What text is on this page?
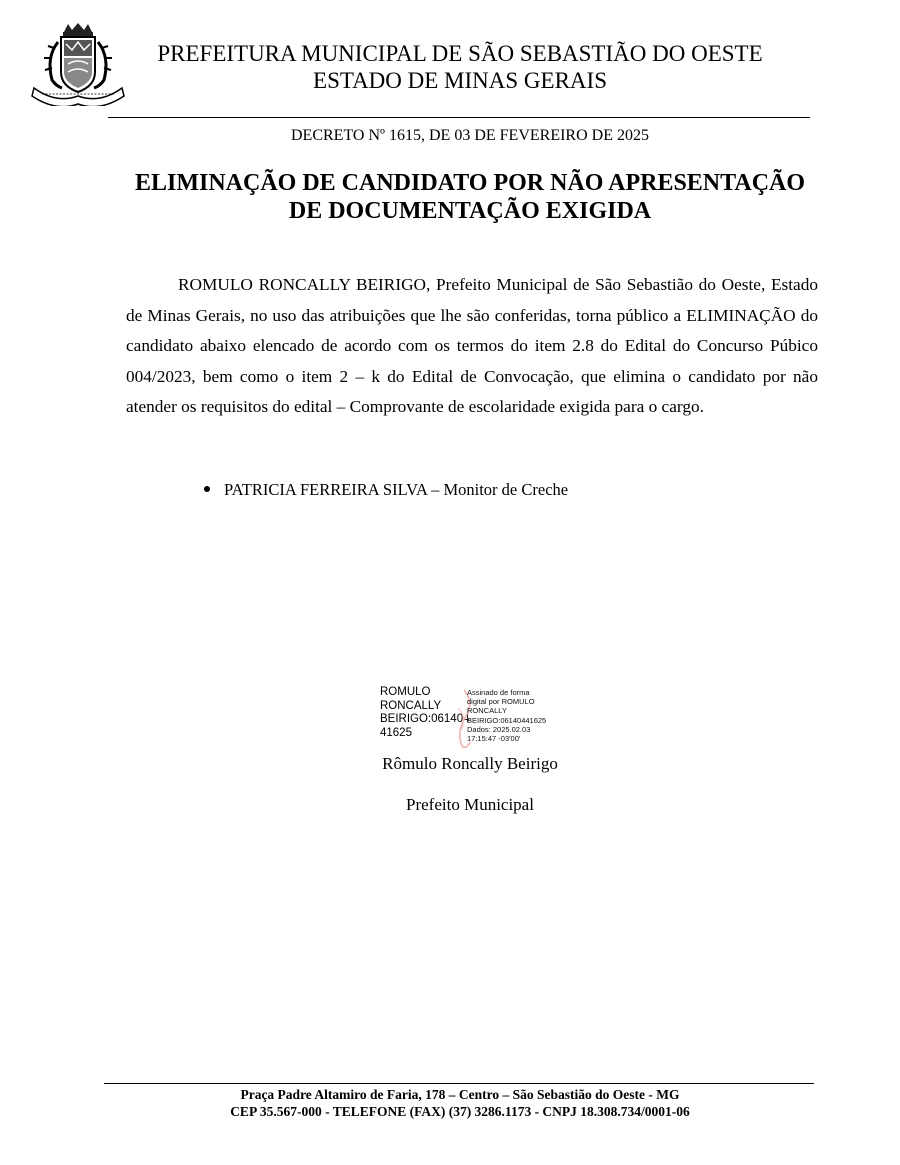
PREFEITURA MUNICIPAL DE SÃO SEBASTIÃO DO OESTE
ESTADO DE MINAS GERAIS
DECRETO Nº 1615, DE 03 DE FEVEREIRO DE 2025
ELIMINAÇÃO DE CANDIDATO POR NÃO APRESENTAÇÃO
DE DOCUMENTAÇÃO EXIGIDA

ROMULO RONCALLY BEIRIGO, Prefeito Municipal de São Sebastião do Oeste, Estado de Minas Gerais, no uso das atribuições que lhe são conferidas, torna público a ELIMINAÇÃO do candidato abaixo elencado de acordo com os termos do item 2.8 do Edital do Concurso Púbico 004/2023, bem como o item 2 – k do Edital de Convocação, que elimina o candidato por não atender os requisitos do edital – Comprovante de escolaridade exigida para o cargo.

PATRICIA FERREIRA SILVA – Monitor de Creche
ROMULO
RONCALLY
BEIRIGO:061404
41625
Assinado de forma
digital por ROMULO
RONCALLY
BEIRIGO:06140441625
Dados: 2025.02.03
17:15:47 -03'00'
Rômulo Roncally Beirigo
Prefeito Municipal
Praça Padre Altamiro de Faria, 178 – Centro – São Sebastião do Oeste - MG
CEP 35.567-000 - TELEFONE (FAX) (37) 3286.1173 - CNPJ 18.308.734/0001-06
